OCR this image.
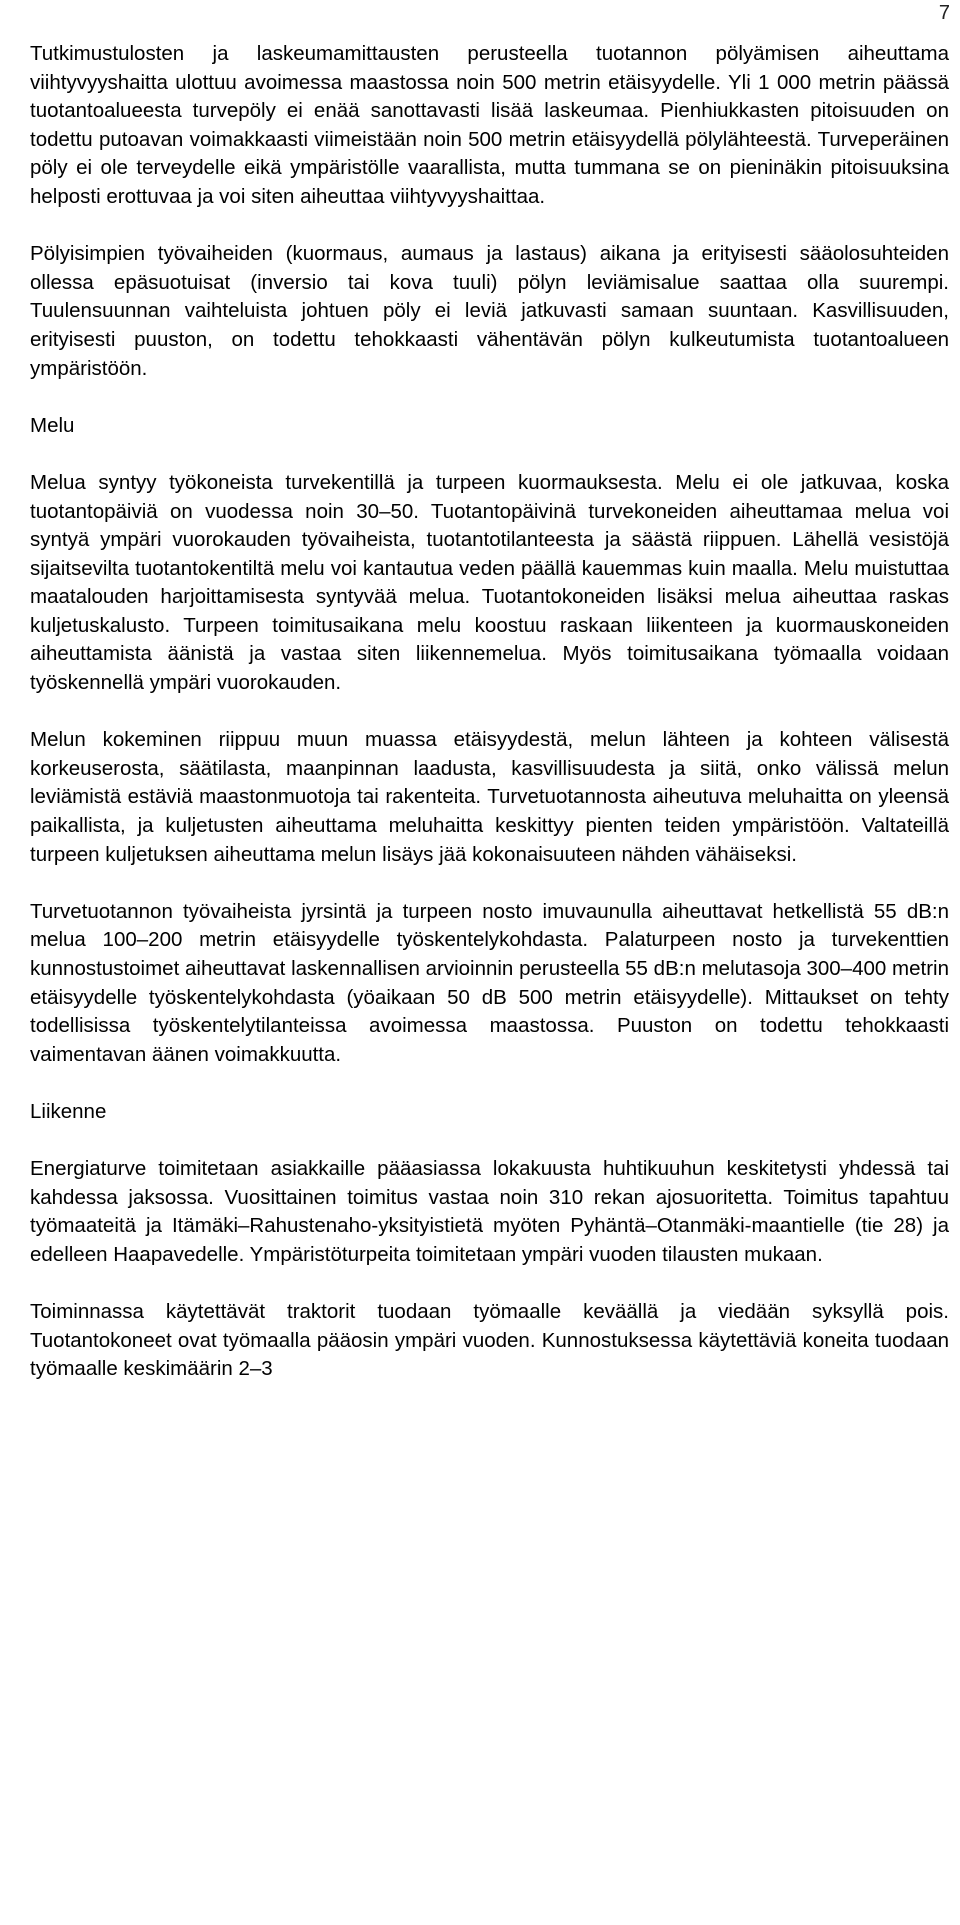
7

Tutkimustulosten ja laskeumamittausten perusteella tuotannon pölyämisen aiheuttama viihtyvyyshaitta ulottuu avoimessa maastossa noin 500 metrin etäisyydelle. Yli 1 000 metrin päässä tuotantoalueesta turvepöly ei enää sanottavasti lisää laskeumaa. Pienhiukkasten pitoisuuden on todettu putoavan voimakkaasti viimeistään noin 500 metrin etäisyydellä pölylähteestä. Turveperäinen pöly ei ole terveydelle eikä ympäristölle vaarallista, mutta tummana se on pieninäkin pitoisuuksina helposti erottuvaa ja voi siten aiheuttaa viihtyvyyshaittaa.

Pölyisimpien työvaiheiden (kuormaus, aumaus ja lastaus) aikana ja erityisesti sääolosuhteiden ollessa epäsuotuisat (inversio tai kova tuuli) pölyn leviämisalue saattaa olla suurempi. Tuulensuunnan vaihteluista johtuen pöly ei leviä jatkuvasti samaan suuntaan. Kasvillisuuden, erityisesti puuston, on todettu tehokkaasti vähentävän pölyn kulkeutumista tuotantoalueen ympäristöön.

Melu

Melua syntyy työkoneista turvekentillä ja turpeen kuormauksesta. Melu ei ole jatkuvaa, koska tuotantopäiviä on vuodessa noin 30–50. Tuotantopäivinä turvekoneiden aiheuttamaa melua voi syntyä ympäri vuorokauden työvaiheista, tuotantotilanteesta ja säästä riippuen. Lähellä vesistöjä sijaitsevilta tuotantokentiltä melu voi kantautua veden päällä kauemmas kuin maalla. Melu muistuttaa maatalouden harjoittamisesta syntyvää melua. Tuotantokoneiden lisäksi melua aiheuttaa raskas kuljetuskalusto. Turpeen toimitusaikana melu koostuu raskaan liikenteen ja kuormauskoneiden aiheuttamista äänistä ja vastaa siten liikennemelua. Myös toimitusaikana työmaalla voidaan työskennellä ympäri vuorokauden.

Melun kokeminen riippuu muun muassa etäisyydestä, melun lähteen ja kohteen välisestä korkeuserosta, säätilasta, maanpinnan laadusta, kasvillisuudesta ja siitä, onko välissä melun leviämistä estäviä maastonmuotoja tai rakenteita. Turvetuotannosta aiheutuva meluhaitta on yleensä paikallista, ja kuljetusten aiheuttama meluhaitta keskittyy pienten teiden ympäristöön. Valtateillä turpeen kuljetuksen aiheuttama melun lisäys jää kokonaisuuteen nähden vähäiseksi.

Turvetuotannon työvaiheista jyrsintä ja turpeen nosto imuvaunulla aiheuttavat hetkellistä 55 dB:n melua 100–200 metrin etäisyydelle työskentelykohdasta. Palaturpeen nosto ja turvekenttien kunnostustoimet aiheuttavat laskennallisen arvioinnin perusteella 55 dB:n melutasoja 300–400 metrin etäisyydelle työskentelykohdasta (yöaikaan 50 dB 500 metrin etäisyydelle). Mittaukset on tehty todellisissa työskentelytilanteissa avoimessa maastossa. Puuston on todettu tehokkaasti vaimentavan äänen voimakkuutta.

Liikenne

Energiaturve toimitetaan asiakkaille pääasiassa lokakuusta huhtikuuhun keskitetysti yhdessä tai kahdessa jaksossa. Vuosittainen toimitus vastaa noin 310 rekan ajosuoritetta. Toimitus tapahtuu työmaateitä ja Itämäki–Rahustenaho-yksityistietä myöten Pyhäntä–Otanmäki-maantielle (tie 28) ja edelleen Haapavedelle. Ympäristöturpeita toimitetaan ympäri vuoden tilausten mukaan.

Toiminnassa käytettävät traktorit tuodaan työmaalle keväällä ja viedään syksyllä pois. Tuotantokoneet ovat työmaalla pääosin ympäri vuoden. Kunnostuksessa käytettäviä koneita tuodaan työmaalle keskimäärin 2–3
